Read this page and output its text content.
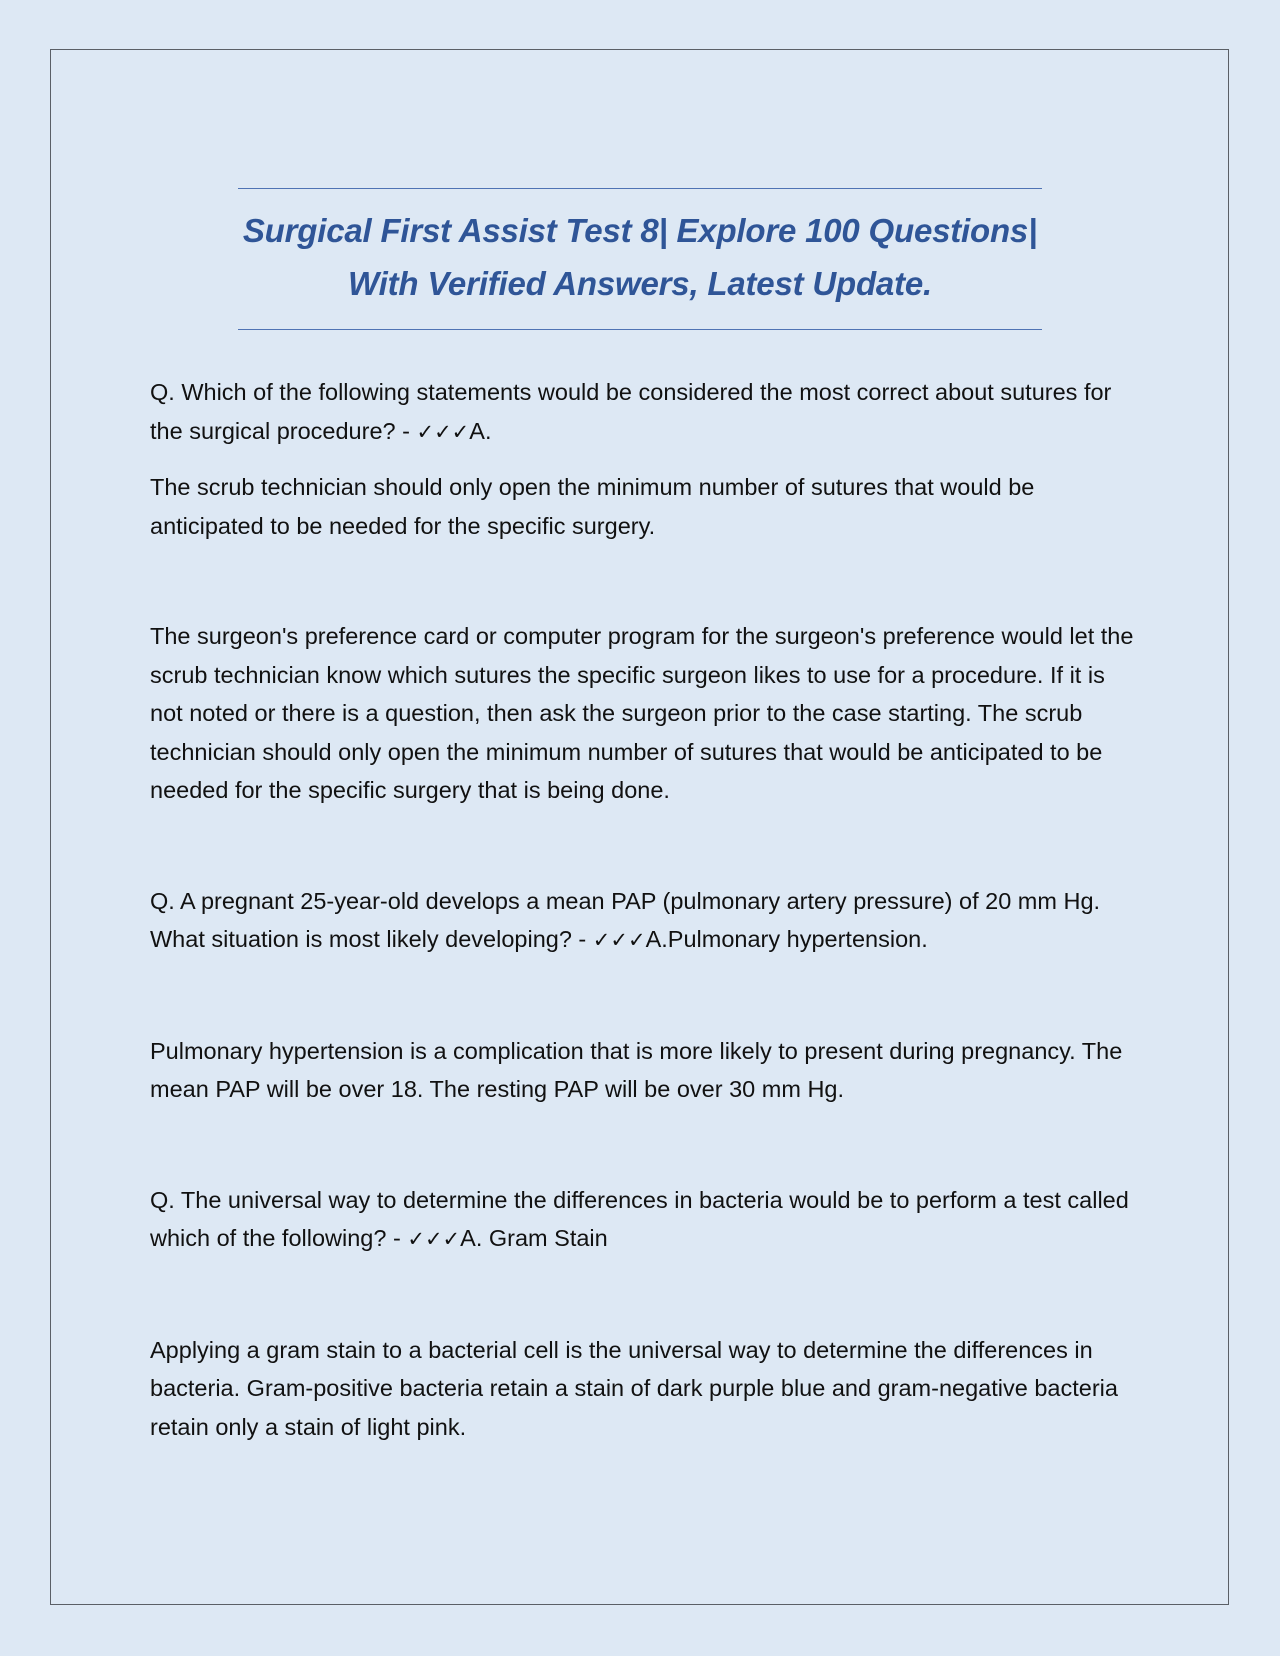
Surgical First Assist Test 8| Explore 100 Questions|
With Verified Answers, Latest Update.

Q. Which of the following statements would be considered the most correct about sutures for the surgical procedure? - ✓✓✓A.

The scrub technician should only open the minimum number of sutures that would be anticipated to be needed for the specific surgery.

The surgeon's preference card or computer program for the surgeon's preference would let the scrub technician know which sutures the specific surgeon likes to use for a procedure. If it is not noted or there is a question, then ask the surgeon prior to the case starting. The scrub technician should only open the minimum number of sutures that would be anticipated to be needed for the specific surgery that is being done.

Q. A pregnant 25-year-old develops a mean PAP (pulmonary artery pressure) of 20 mm Hg. What situation is most likely developing? - ✓✓✓A.Pulmonary hypertension.

Pulmonary hypertension is a complication that is more likely to present during pregnancy. The mean PAP will be over 18. The resting PAP will be over 30 mm Hg.

Q. The universal way to determine the differences in bacteria would be to perform a test called which of the following? - ✓✓✓A. Gram Stain

Applying a gram stain to a bacterial cell is the universal way to determine the differences in bacteria. Gram-positive bacteria retain a stain of dark purple blue and gram-negative bacteria retain only a stain of light pink.
